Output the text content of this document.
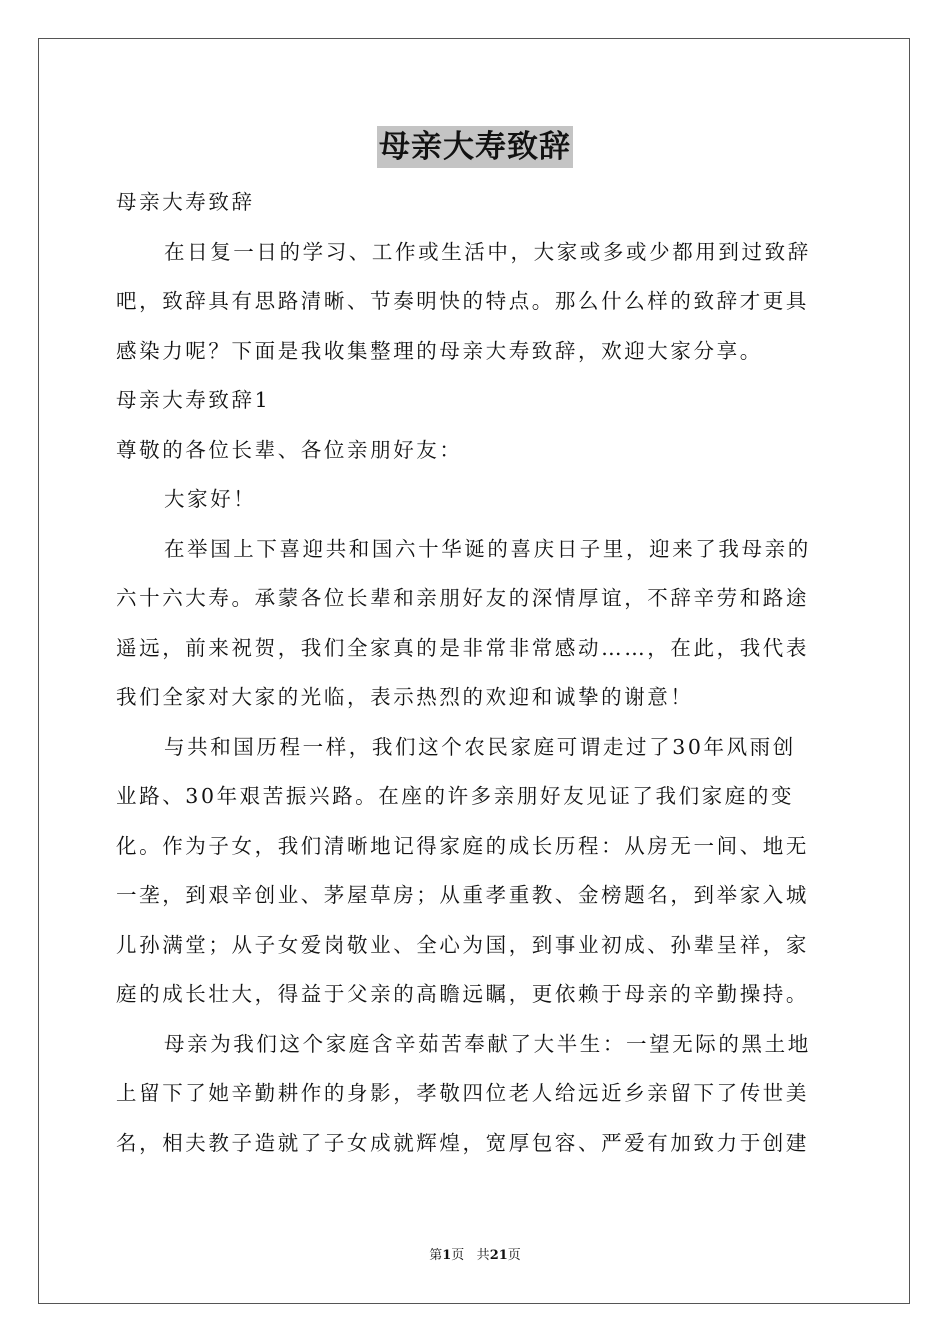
母亲大寿致辞

母亲大寿致辞

在日复一日的学习、工作或生活中，大家或多或少都用到过致辞

吧，致辞具有思路清晰、节奏明快的特点。那么什么样的致辞才更具

感染力呢？下面是我收集整理的母亲大寿致辞，欢迎大家分享。

母亲大寿致辞1

尊敬的各位长辈、各位亲朋好友：

大家好！

在举国上下喜迎共和国六十华诞的喜庆日子里，迎来了我母亲的

六十六大寿。承蒙各位长辈和亲朋好友的深情厚谊，不辞辛劳和路途

遥远，前来祝贺，我们全家真的是非常非常感动……，在此，我代表

我们全家对大家的光临，表示热烈的欢迎和诚挚的谢意！

与共和国历程一样，我们这个农民家庭可谓走过了30年风雨创

业路、30年艰苦振兴路。在座的许多亲朋好友见证了我们家庭的变

化。作为子女，我们清晰地记得家庭的成长历程：从房无一间、地无

一垄，到艰辛创业、茅屋草房；从重孝重教、金榜题名，到举家入城

儿孙满堂；从子女爱岗敬业、全心为国，到事业初成、孙辈呈祥，家

庭的成长壮大，得益于父亲的高瞻远瞩，更依赖于母亲的辛勤操持。

母亲为我们这个家庭含辛茹苦奉献了大半生：一望无际的黑土地

上留下了她辛勤耕作的身影，孝敬四位老人给远近乡亲留下了传世美

名，相夫教子造就了子女成就辉煌，宽厚包容、严爱有加致力于创建

第1页 共21页
